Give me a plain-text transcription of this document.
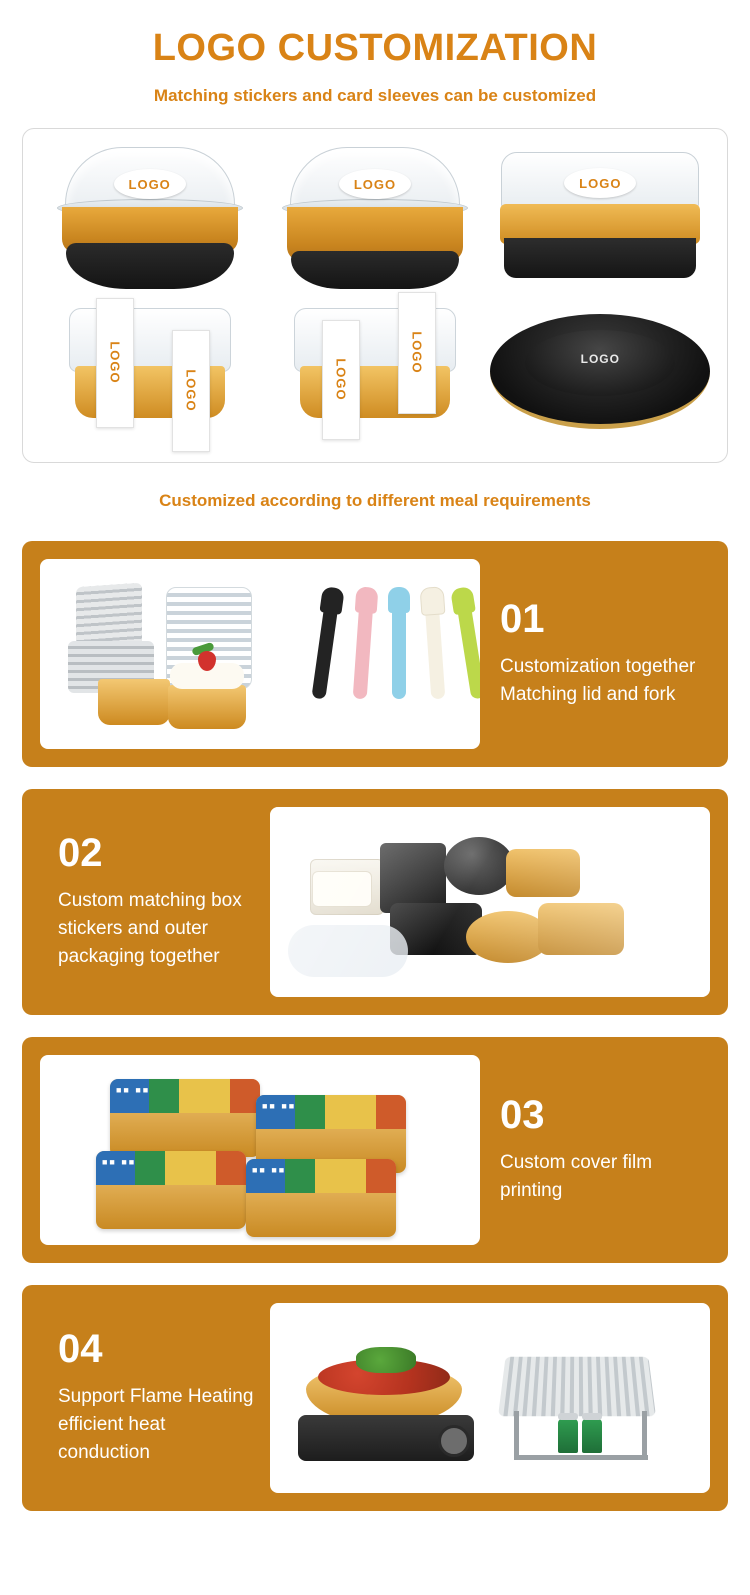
LOGO CUSTOMIZATION
Matching stickers and card sleeves can be customized
LOGO	LOGO	LOGO
LOGO
LOGO	LOGO
LOGO	LOGO
Customized according to different meal requirements
01
Customization together Matching lid and fork
02
Custom matching box stickers and outer packaging together
■■ ■■
■■ ■■
■■ ■■
■■ ■■
03
Custom cover film printing
04
Support Flame Heating efficient heat conduction
